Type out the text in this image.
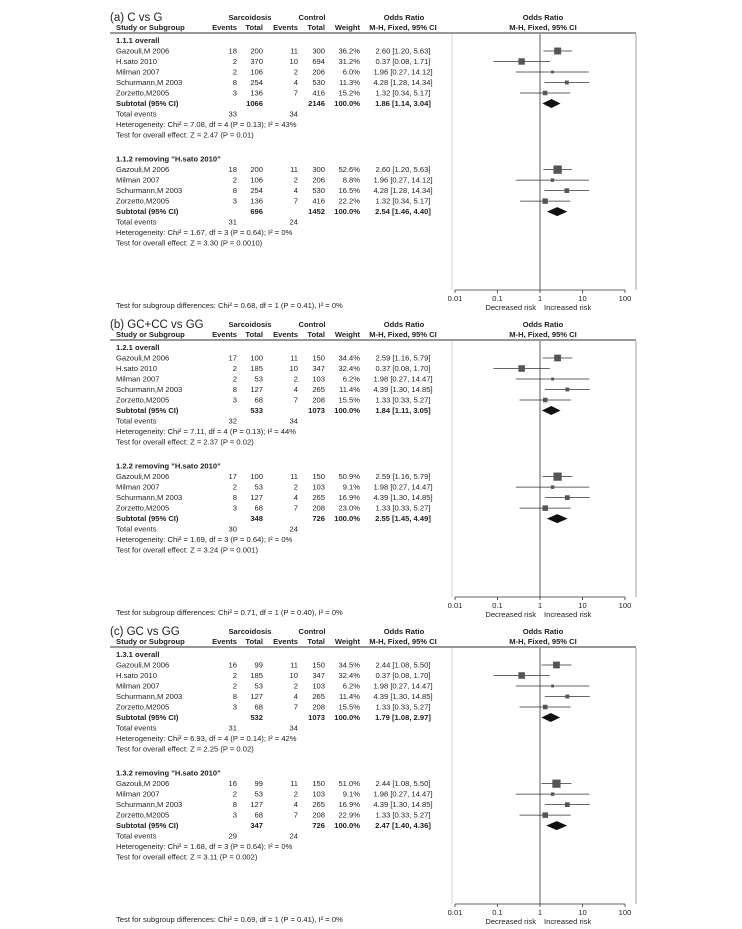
(a) C vs G	Sarcoidosis	Control	Odds Ratio	Odds Ratio
Study or Subgroup	Events Total Events Total Weight M-H, Fixed, 95% CI	M-H, Fixed, 95% CI
1.1.1 overall
Gazouli,M 2006	18 200	11 300 36.2% 2.60 [1.20, 5.63]
H.sato 2010	2 370	10 694 31.2% 0.37 [0.08, 1.71]
Milman 2007	2 106	2 206 6.0% 1.96 [0.27, 14.12]
Schurmann,M 2003	8 254	4 530 11.3% 4.28 [1.28, 14.34]
Zorzetto,M2005	3 136	7 416 15.2% 1.32 [0.34, 5.17]
Subtotal (95% CI)	1066	2146 100.0% 1.86 [1.14, 3.04]
Total events	33	34
Heterogeneity: Chi² = 7.08, df = 4 (P = 0.13); I² = 43%
Test for overall effect: Z = 2.47 (P = 0.01)
1.1.2 removing "H.sato 2010"
Gazouli,M 2006	18 200	11 300 52.6% 2.60 [1.20, 5.63]
Milman 2007	2 106	2 206 8.8% 1.96 [0.27, 14.12]
Schurmann,M 2003	8 254	4 530 16.5% 4.28 [1.28, 14.34]
Zorzetto,M2005	3 136	7 416 22.2% 1.32 [0.34, 5.17]
Subtotal (95% CI)	696	1452 100.0% 2.54 [1.46, 4.40]
Total events	31	24
Heterogeneity: Chi² = 1.67, df = 3 (P = 0.64); I² = 0%
Test for overall effect: Z = 3.30 (P = 0.0010)
0.01	0.1	1	10	100
Decreased risk Increased risk
Test for subgroup differences: Chi² = 0.68, df = 1 (P = 0.41), I² = 0%
(b) GC+CC vs GG	Sarcoidosis	Control	Odds Ratio	Odds Ratio
Study or Subgroup	Events Total Events Total Weight M-H, Fixed, 95% CI	M-H, Fixed, 95% CI
1.2.1 overall
Gazouli,M 2006	17 100	11 150 34.4% 2.59 [1.16, 5.79]
H.sato 2010	2 185	10 347 32.4% 0.37 [0.08, 1.70]
Milman 2007	2 53	2 103 6.2% 1.98 [0.27, 14.47]
Schurmann,M 2003	8 127	4 265 11.4% 4.39 [1.30, 14.85]
Zorzetto,M2005	3 68	7 208 15.5% 1.33 [0.33, 5.27]
Subtotal (95% CI)	533	1073 100.0% 1.84 [1.11, 3.05]
Total events	32	34
Heterogeneity: Chi² = 7.11, df = 4 (P = 0.13); I² = 44%
Test for overall effect: Z = 2.37 (P = 0.02)
1.2.2 removing "H.sato 2010"
Gazouli,M 2006	17 100	11 150 50.9% 2.59 [1.16, 5.79]
Milman 2007	2 53	2 103 9.1% 1.98 [0.27, 14.47]
Schurmann,M 2003	8 127	4 265 16.9% 4.39 [1.30, 14.85]
Zorzetto,M2005	3 68	7 208 23.0% 1.33 [0.33, 5.27]
Subtotal (95% CI)	348	726 100.0% 2.55 [1.45, 4.49]
Total events	30	24
Heterogeneity: Chi² = 1.69, df = 3 (P = 0.64); I² = 0%
Test for overall effect: Z = 3.24 (P = 0.001)
0.01	0.1	1	10	100
Decreased risk Increased risk
Test for subgroup differences: Chi² = 0.71, df = 1 (P = 0.40), I² = 0%
(c) GC vs GG	Sarcoidosis	Control	Odds Ratio	Odds Ratio
Study or Subgroup	Events Total Events Total Weight M-H, Fixed, 95% CI	M-H, Fixed, 95% CI
1.3.1 overall
Gazouli,M 2006	16 99	11 150 34.5% 2.44 [1.08, 5.50]
H.sato 2010	2 185	10 347 32.4% 0.37 [0.08, 1.70]
Milman 2007	2 53	2 103 6.2% 1.98 [0.27, 14.47]
Schurmann,M 2003	8 127	4 265 11.4% 4.39 [1.30, 14.85]
Zorzetto,M2005	3 68	7 208 15.5% 1.33 [0.33, 5.27]
Subtotal (95% CI)	532	1073 100.0% 1.79 [1.08, 2.97]
Total events	31	34
Heterogeneity: Chi² = 6.93, df = 4 (P = 0.14); I² = 42%
Test for overall effect: Z = 2.25 (P = 0.02)
1.3.2 removing "H.sato 2010"
Gazouli,M 2006	16 99	11 150 51.0% 2.44 [1.08, 5.50]
Milman 2007	2 53	2 103 9.1% 1.98 [0.27, 14.47]
Schurmann,M 2003	8 127	4 265 16.9% 4.39 [1.30, 14.85]
Zorzetto,M2005	3 68	7 208 22.9% 1.33 [0.33, 5.27]
Subtotal (95% CI)	347	726 100.0% 2.47 [1.40, 4.36]
Total events	29	24
Heterogeneity: Chi² = 1.68, df = 3 (P = 0.64); I² = 0%
Test for overall effect: Z = 3.11 (P = 0.002)
0.01	0.1	1	10	100
Decreased risk Increased risk
Test for subgroup differences: Chi² = 0.69, df = 1 (P = 0.41), I² = 0%
